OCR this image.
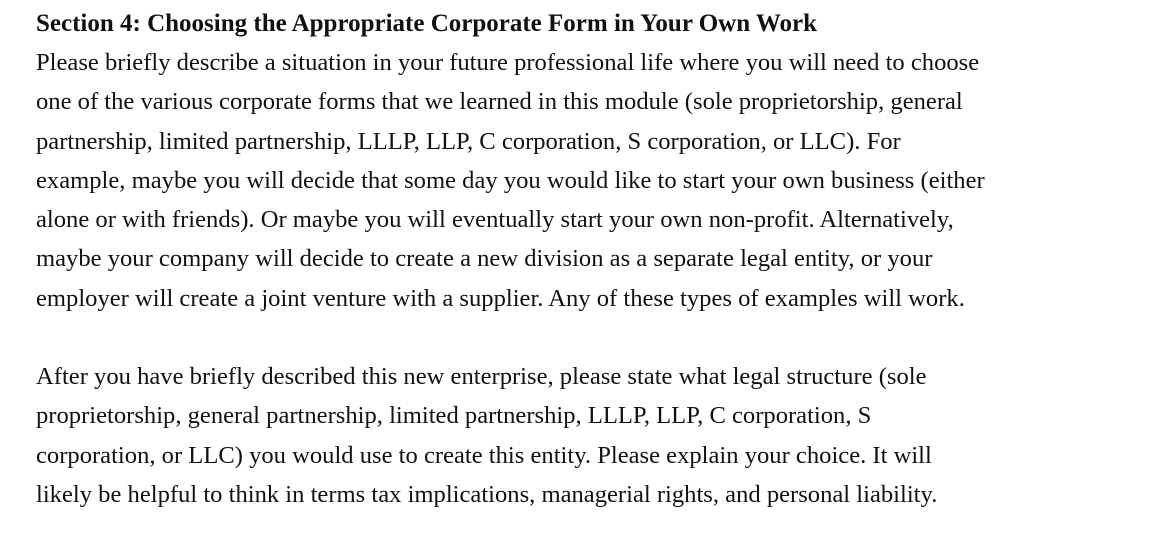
Section 4: Choosing the Appropriate Corporate Form in Your Own Work
Please briefly describe a situation in your future professional life where you will need to choose
one of the various corporate forms that we learned in this module (sole proprietorship, general
partnership, limited partnership, LLLP, LLP, C corporation, S corporation, or LLC). For
example, maybe you will decide that some day you would like to start your own business (either
alone or with friends). Or maybe you will eventually start your own non-profit. Alternatively,
maybe your company will decide to create a new division as a separate legal entity, or your
employer will create a joint venture with a supplier. Any of these types of examples will work.
After you have briefly described this new enterprise, please state what legal structure (sole
proprietorship, general partnership, limited partnership, LLLP, LLP, C corporation, S
corporation, or LLC) you would use to create this entity. Please explain your choice. It will
likely be helpful to think in terms tax implications, managerial rights, and personal liability.
